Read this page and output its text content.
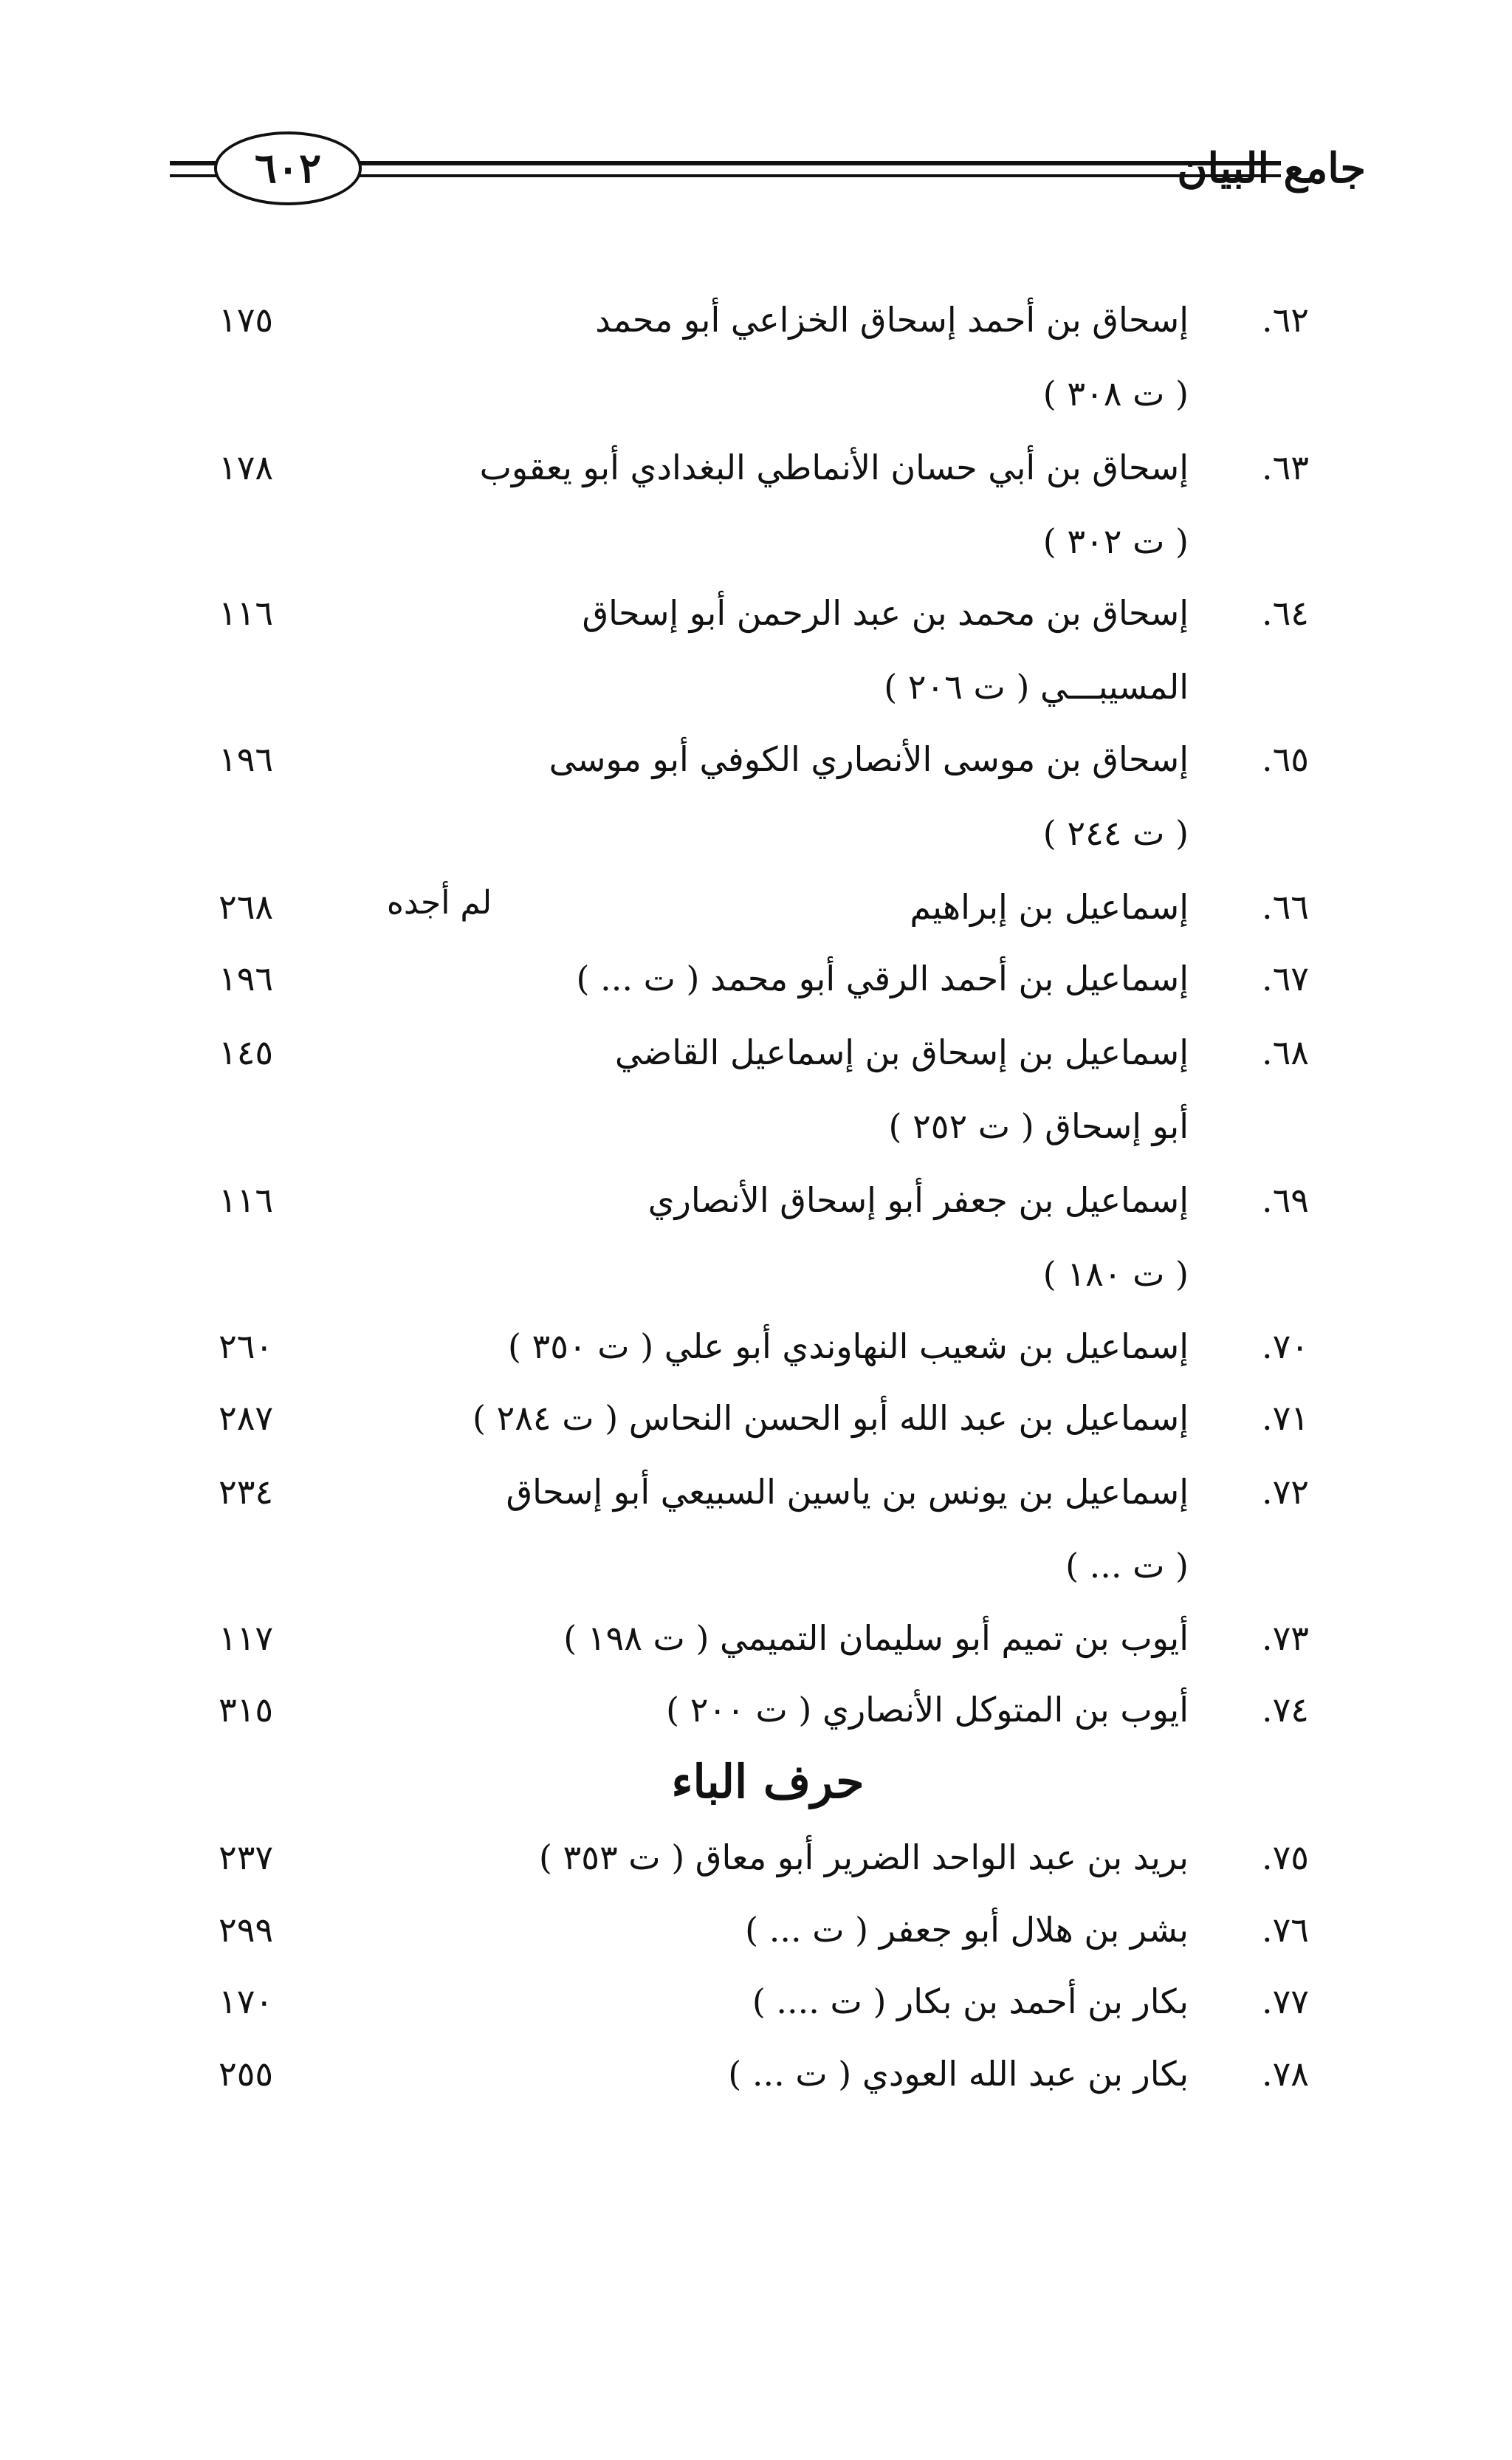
٦٠٢	جامع البيان
.٦٢
إسحاق بن أحمد إسحاق الخزاعي أبو محمد
١٧٥
( ت ٣٠٨ )
.٦٣
إسحاق بن أبي حسان الأنماطي البغدادي أبو يعقوب
١٧٨
( ت ٣٠٢ )
.٦٤
إسحاق بن محمد بن عبد الرحمن أبو إسحاق
١١٦
المسيبـــي ( ت ٢٠٦ )
.٦٥
إسحاق بن موسى الأنصاري الكوفي أبو موسى
١٩٦
( ت ٢٤٤ )
.٦٦
إسماعيل بن إبراهيم
لم أجده
٢٦٨
.٦٧
إسماعيل بن أحمد الرقي أبو محمد ( ت ... )
١٩٦
.٦٨
إسماعيل بن إسحاق بن إسماعيل القاضي
١٤٥
أبو إسحاق ( ت ٢٥٢ )
.٦٩
إسماعيل بن جعفر أبو إسحاق الأنصاري
١١٦
( ت ١٨٠ )
.٧٠
إسماعيل بن شعيب النهاوندي أبو علي ( ت ٣٥٠ )
٢٦٠
.٧١
إسماعيل بن عبد الله أبو الحسن النحاس ( ت ٢٨٤ )
٢٨٧
.٧٢
إسماعيل بن يونس بن ياسين السبيعي أبو إسحاق
٢٣٤
( ت ... )
.٧٣
أيوب بن تميم أبو سليمان التميمي ( ت ١٩٨ )
١١٧
.٧٤
أيوب بن المتوكل الأنصاري ( ت ٢٠٠ )
٣١٥
حرف الباء
.٧٥
بريد بن عبد الواحد الضرير أبو معاق ( ت ٣٥٣ )
٢٣٧
.٧٦
بشر بن هلال أبو جعفر ( ت ... )
٢٩٩
.٧٧
بكار بن أحمد بن بكار ( ت .... )
١٧٠
.٧٨
بكار بن عبد الله العودي ( ت ... )
٢٥٥
